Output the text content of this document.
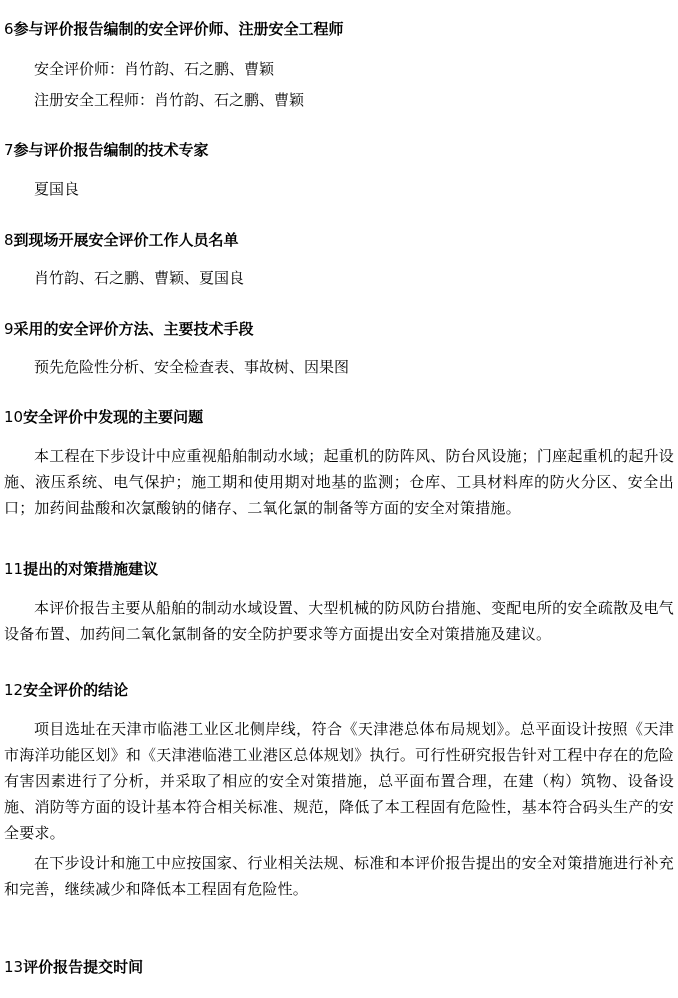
6参与评价报告编制的安全评价师、注册安全工程师
安全评价师：肖竹韵、石之鹏、曹颖
注册安全工程师：肖竹韵、石之鹏、曹颖
7参与评价报告编制的技术专家
夏国良
8到现场开展安全评价工作人员名单
肖竹韵、石之鹏、曹颖、夏国良
9采用的安全评价方法、主要技术手段
预先危险性分析、安全检查表、事故树、因果图
10安全评价中发现的主要问题

本工程在下步设计中应重视船舶制动水域；起重机的防阵风、防台风设施；门座起重机的起升设施、液压系统、电气保护；施工期和使用期对地基的监测；仓库、工具材料库的防火分区、安全出口；加药间盐酸和次氯酸钠的储存、二氧化氯的制备等方面的安全对策措施。

11提出的对策措施建议

本评价报告主要从船舶的制动水域设置、大型机械的防风防台措施、变配电所的安全疏散及电气设备布置、加药间二氧化氯制备的安全防护要求等方面提出安全对策措施及建议。

12安全评价的结论

项目选址在天津市临港工业区北侧岸线，符合《天津港总体布局规划》。总平面设计按照《天津市海洋功能区划》和《天津港临港工业港区总体规划》执行。可行性研究报告针对工程中存在的危险有害因素进行了分析，并采取了相应的安全对策措施，总平面布置合理，在建（构）筑物、设备设施、消防等方面的设计基本符合相关标准、规范，降低了本工程固有危险性，基本符合码头生产的安全要求。

在下步设计和施工中应按国家、行业相关法规、标准和本评价报告提出的安全对策措施进行补充和完善，继续减少和降低本工程固有危险性。

13评价报告提交时间
